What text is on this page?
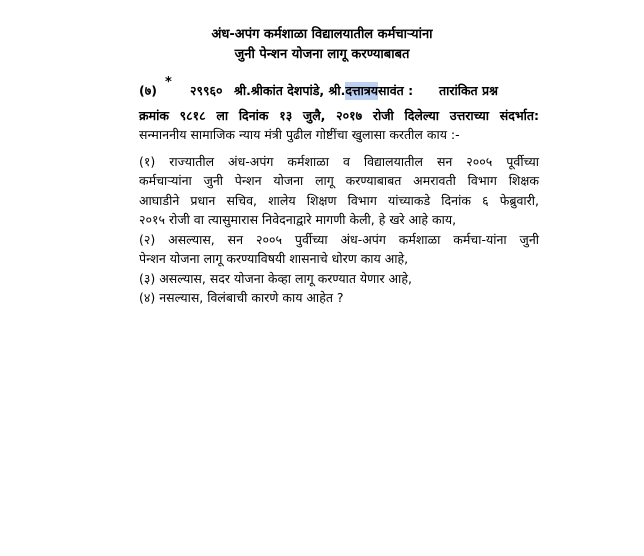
अंध-अपंग कर्मशाळा विद्यालयातील कर्मचाऱ्यांना
जुनी पेन्शन योजना लागू करण्याबाबत
(७)
*
२९९६० श्री.श्रीकांत देशपांडे, श्री.दत्तात्रयसावंत : तारांकित प्रश्न
क्रमांक ९८१८ ला दिनांक १३ जुलै, २०१७ रोजी दिलेल्या उत्तराच्या संदर्भात:
सन्माननीय सामाजिक न्याय मंत्री पुढील गोष्टींचा खुलासा करतील काय :-
(१) राज्यातील अंध-अपंग कर्मशाळा व विद्यालयातील सन २००५ पूर्वीच्या
कर्मचाऱ्यांना जुनी पेन्शन योजना लागू करण्याबाबत अमरावती विभाग शिक्षक
आघाडीने प्रधान सचिव, शालेय शिक्षण विभाग यांच्याकडे दिनांक ६ फेब्रुवारी,
२०१५ रोजी वा त्यासुमारास निवेदनाद्वारे मागणी केली, हे खरे आहे काय,
(२) असल्यास, सन २००५ पुर्वीच्या अंध-अपंग कर्मशाळा कर्मचा-यांना जुनी
पेन्शन योजना लागू करण्याविषयी शासनाचे धोरण काय आहे,
(३) असल्यास, सदर योजना केव्हा लागू करण्यात येणार आहे,
(४) नसल्यास, विलंबाची कारणे काय आहेत ?
